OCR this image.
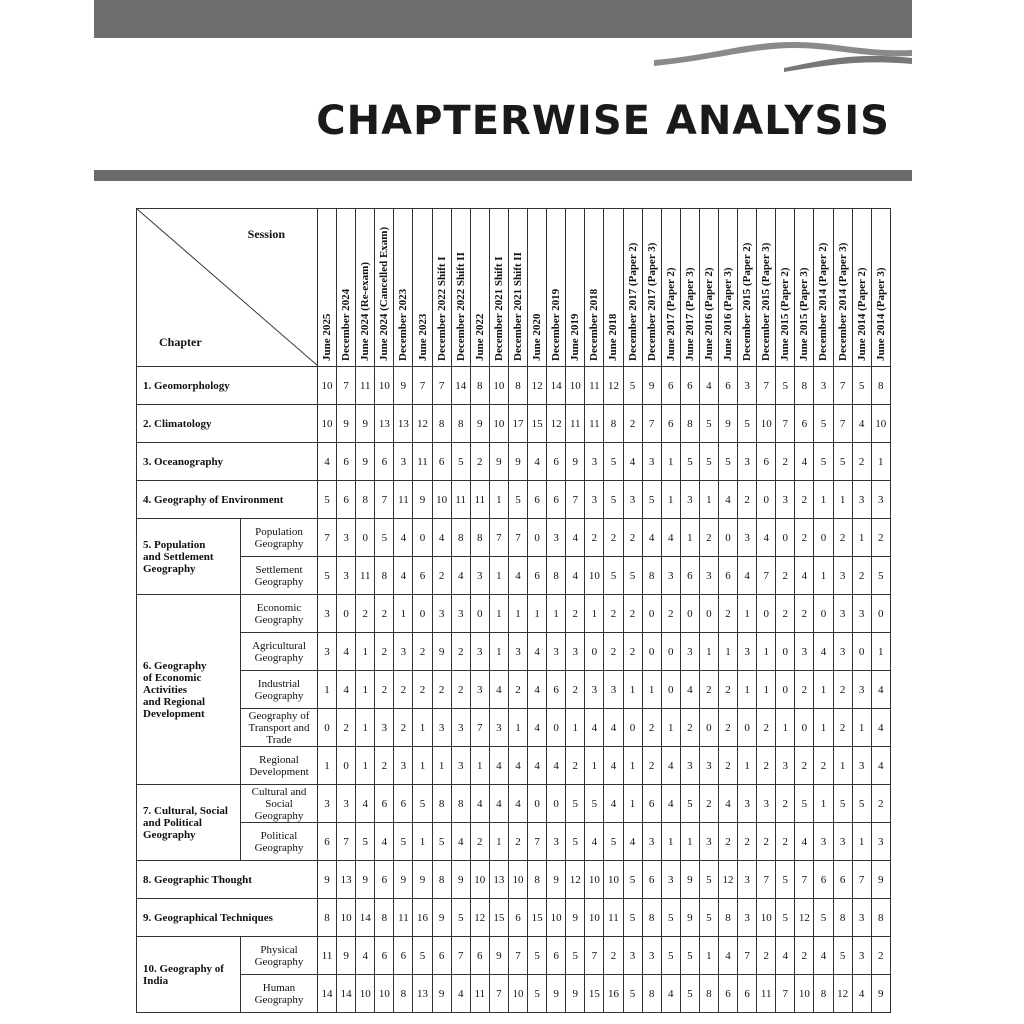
CHAPTERWISE ANALYSIS
Session
Chapter		June 2025	December 2024	June 2024 (Re-exam)	June 2024 (Cancelled Exam)	December 2023	June 2023	December 2022 Shift I	December 2022 Shift II	June 2022	December 2021 Shift I	December 2021 Shift II	June 2020	December 2019	June 2019	December 2018	June 2018	December 2017 (Paper 2)	December 2017 (Paper 3)	June 2017 (Paper 2)	June 2017 (Paper 3)	June 2016 (Paper 2)	June 2016 (Paper 3)	December 2015 (Paper 2)	December 2015 (Paper 3)	June 2015 (Paper 2)	June 2015 (Paper 3)	December 2014 (Paper 2)	December 2014 (Paper 3)	June 2014 (Paper 2)	June 2014 (Paper 3)
1. Geomorphology		10	7	11	10	9	7	7	14	8	10	8	12	14	10	11	12	5	9	6	6	4	6	3	7	5	8	3	7	5	8
2. Climatology		10	9	9	13	13	12	8	8	9	10	17	15	12	11	11	8	2	7	6	8	5	9	5	10	7	6	5	7	4	10
3. Oceanography		4	6	9	6	3	11	6	5	2	9	9	4	6	9	3	5	4	3	1	5	5	5	3	6	2	4	5	5	2	1
4. Geography of Environment		5	6	8	7	11	9	10	11	11	1	5	6	6	7	3	5	3	5	1	3	1	4	2	0	3	2	1	1	3	3
5. Population
and Settlement
Geography	Population Geography	7	3	0	5	4	0	4	8	8	7	7	0	3	4	2	2	2	4	4	1	2	0	3	4	0	2	0	2	1	2
	Settlement Geography	5	3	11	8	4	6	2	4	3	1	4	6	8	4	10	5	5	8	3	6	3	6	4	7	2	4	1	3	2	5
6. Geography
of Economic
Activities
and Regional
Development	Economic Geography	3	0	2	2	1	0	3	3	0	1	1	1	1	2	1	2	2	0	2	0	0	2	1	0	2	2	0	3	3	0
	Agricultural Geography	3	4	1	2	3	2	9	2	3	1	3	4	3	3	0	2	2	0	0	3	1	1	3	1	0	3	4	3	0	1
	Industrial Geography	1	4	1	2	2	2	2	2	3	4	2	4	6	2	3	3	1	1	0	4	2	2	1	1	0	2	1	2	3	4
	Geography of Transport and Trade	0	2	1	3	2	1	3	3	7	3	1	4	0	1	4	4	0	2	1	2	0	2	0	2	1	0	1	2	1	4
	Regional Development	1	0	1	2	3	1	1	3	1	4	4	4	4	2	1	4	1	2	4	3	3	2	1	2	3	2	2	1	3	4
7. Cultural, Social
and Political
Geography	Cultural and Social Geography	3	3	4	6	6	5	8	8	4	4	4	0	0	5	5	4	1	6	4	5	2	4	3	3	2	5	1	5	5	2
	Political Geography	6	7	5	4	5	1	5	4	2	1	2	7	3	5	4	5	4	3	1	1	3	2	2	2	2	4	3	3	1	3
8. Geographic Thought		9	13	9	6	9	9	8	9	10	13	10	8	9	12	10	10	5	6	3	9	5	12	3	7	5	7	6	6	7	9
9. Geographical Techniques		8	10	14	8	11	16	9	5	12	15	6	15	10	9	10	11	5	8	5	9	5	8	3	10	5	12	5	8	3	8
10. Geography of
India	Physical Geography	11	9	4	6	6	5	6	7	6	9	7	5	6	5	7	2	3	3	5	5	1	4	7	2	4	2	4	5	3	2
	Human Geography	14	14	10	10	8	13	9	4	11	7	10	5	9	9	15	16	5	8	4	5	8	6	6	11	7	10	8	12	4	9
